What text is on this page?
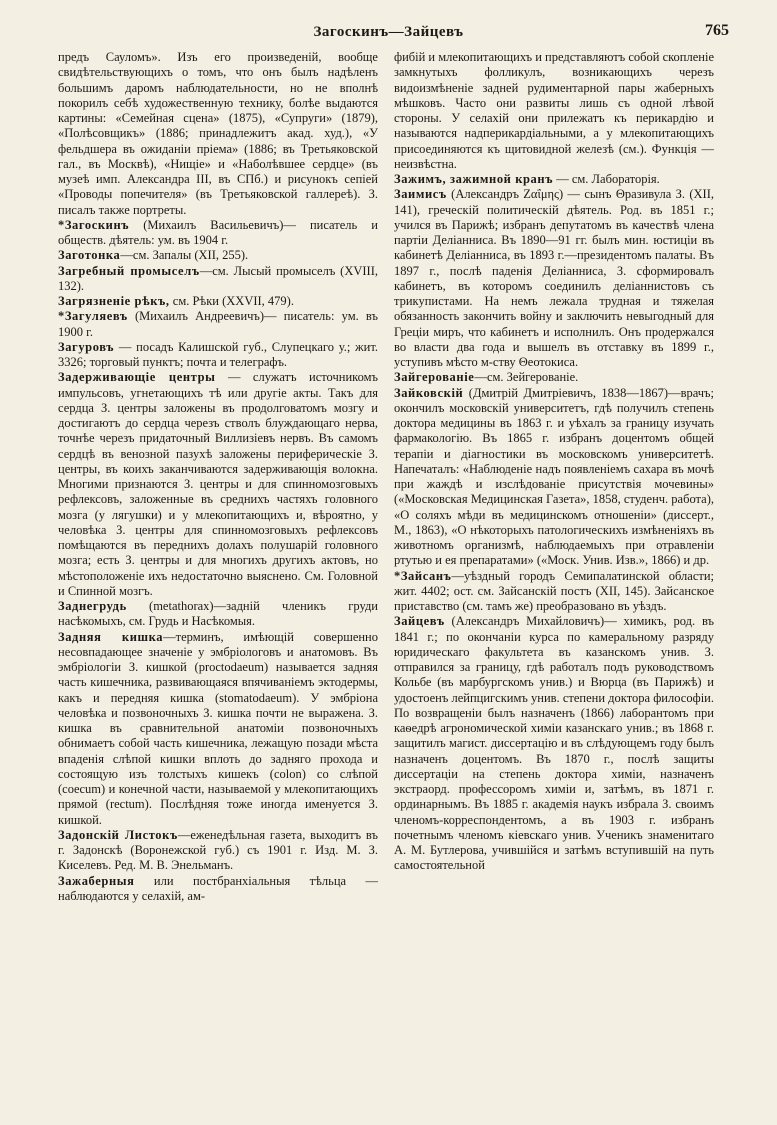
Загоскинъ—Зайцевъ	765

предъ Сауломъ». Изъ его произведеній, вообще свидѣтельствующихъ о томъ, что онъ былъ надѣленъ большимъ даромъ наблюдательности, но не вполнѣ покорилъ себѣ художественную технику, болѣе выдаются картины: «Семейная сцена» (1875), «Супруги» (1879), «Полѣсовщикъ» (1886; принадлежитъ акад. худ.), «У фельдшера въ ожиданіи пріема» (1886; въ Третьяковской гал., въ Москвѣ), «Нищіе» и «Наболѣвшее сердце» (въ музеѣ имп. Александра III, въ СПб.) и рисунокъ сепіей «Проводы попечителя» (въ Третьяковской галлереѣ). З. писалъ также портреты.

*Загоскинъ (Михаилъ Васильевичъ)— писатель и обществ. дѣятель: ум. въ 1904 г.

Заготонка—см. Запалы (XII, 255).

Загребный промыселъ—см. Лысый промыселъ (XVIII, 132).

Загрязненіе рѣкъ, см. Рѣки (XXVII, 479).

*Загуляевъ (Михаилъ Андреевичъ)— писатель: ум. въ 1900 г.

Загуровъ — посадъ Калишской губ., Слупецкаго у.; жит. 3326; торговый пунктъ; почта и телеграфъ.

Задерживающіе центры — служатъ источникомъ импульсовъ, угнетающихъ тѣ или другіе акты. Такъ для сердца З. центры заложены въ продолговатомъ мозгу и достигаютъ до сердца черезъ стволъ блуждающаго нерва, точнѣе черезъ придаточный Виллизіевъ нервъ. Въ самомъ сердцѣ въ венозной пазухѣ заложены периферическіе З. центры, въ коихъ заканчиваются задерживающія волокна. Многими признаются З. центры и для спинномозговыхъ рефлексовъ, заложенные въ среднихъ частяхъ головного мозга (у лягушки) и у млекопитающихъ и, вѣроятно, у человѣка З. центры для спинномозговыхъ рефлексовъ помѣщаются въ переднихъ долахъ полушарій головного мозга; есть З. центры и для многихъ другихъ актовъ, но мѣстоположеніе ихъ недостаточно выяснено. См. Головной и Спинной мозгъ.

Заднегрудь (metathorax)—задній членикъ груди насѣкомыхъ, см. Грудь и Насѣкомыя.

Задняя кишка—терминъ, имѣющій совершенно несовпадающее значеніе у эмбріологовъ и анатомовъ. Въ эмбріологіи З. кишкой (proctodaeum) называется задняя часть кишечника, развивающаяся впячиваніемъ эктодермы, какъ и передняя кишка (stomatodaeum). У эмбріона человѣка и позвоночныхъ З. кишка почти не выражена. З. кишка въ сравнительной анатоміи позвоночныхъ обнимаетъ собой часть кишечника, лежащую позади мѣста впаденія слѣпой кишки вплоть до задняго прохода и состоящую изъ толстыхъ кишекъ (colon) со слѣпой (coecum) и конечной части, называемой у млекопитающихъ прямой (rectum). Послѣдняя тоже иногда именуется З. кишкой.

Задонскій Листокъ—еженедѣльная газета, выходитъ въ г. Задонскѣ (Воронежской губ.) съ 1901 г. Изд. М. З. Киселевъ. Ред. М. В. Энельманъ.

Зажаберныя или постбранхіальныя тѣльца — наблюдаются у селахій, ам-

фибій и млекопитающихъ и представляютъ собой скопленіе замкнутыхъ фолликулъ, возникающихъ черезъ видоизмѣненіе задней рудиментарной пары жаберныхъ мѣшковъ. Часто они развиты лишь съ одной лѣвой стороны. У селахій они прилежатъ къ перикардію и называются надперикардіальными, а у млекопитающихъ присоединяются къ щитовидной железѣ (см.). Функція —неизвѣстна.

Зажимъ, зажимной кранъ — см. Лабораторія.

Заимисъ (Александръ Ζαΐμης) — сынъ Θразивула З. (XII, 141), греческій политическій дѣятель. Род. въ 1851 г.; учился въ Парижѣ; избранъ депутатомъ въ качествѣ члена партіи Деліанниса. Въ 1890—91 гг. былъ мин. юстиціи въ кабинетѣ Деліанниса, въ 1893 г.—президентомъ палаты. Въ 1897 г., послѣ паденія Деліанниса, З. сформировалъ кабинетъ, въ которомъ соединилъ деліаннистовъ съ трикупистами. На немъ лежала трудная и тяжелая обязанность закончить войну и заключить невыгодный для Греціи миръ, что кабинетъ и исполнилъ. Онъ продержался во власти два года и вышелъ въ отставку въ 1899 г., уступивъ мѣсто м-ству Θеотокиса.

Зайгерованіе—см. Зейгерованіе.

Зайковскій (Дмитрій Дмитріевичъ, 1838—1867)—врачъ; окончилъ московскій университетъ, гдѣ получилъ степень доктора медицины въ 1863 г. и уѣхалъ за границу изучать фармакологію. Въ 1865 г. избранъ доцентомъ общей терапіи и діагностики въ московскомъ университетѣ. Напечаталъ: «Наблюденіе надъ появленіемъ сахара въ мочѣ при жаждѣ и изслѣдованіе присутствія мочевины» («Московская Медицинская Газета», 1858, студенч. работа), «О соляхъ мѣди въ медицинскомъ отношеніи» (диссерт., М., 1863), «О нѣкоторыхъ патологическихъ измѣненіяхъ въ животномъ организмѣ, наблюдаемыхъ при отравленіи ртутью и ея препаратами» («Моск. Унив. Изв.», 1866) и др.

*Зайсанъ—уѣздный городъ Семипалатинской области; жит. 4402; ост. см. Зайсанскій постъ (XII, 145). Зайсанское приставство (см. тамъ же) преобразовано въ уѣздъ.

Зайцевъ (Александръ Михайловичъ)— химикъ, род. въ 1841 г.; по окончаніи курса по камеральному разряду юридическаго факультета въ казанскомъ унив. З. отправился за границу, гдѣ работалъ подъ руководствомъ Кольбе (въ марбургскомъ унив.) и Вюрца (въ Парижѣ) и удостоенъ лейпцигскимъ унив. степени доктора философіи. По возвращеніи былъ назначенъ (1866) лаборантомъ при каѳедрѣ агрономической химіи казанскаго унив.; въ 1868 г. защитилъ магист. диссертацію и въ слѣдующемъ году былъ назначенъ доцентомъ. Въ 1870 г., послѣ защиты диссертаціи на степень доктора химіи, назначенъ экстраорд. профессоромъ химіи и, затѣмъ, въ 1871 г. ординарнымъ. Въ 1885 г. академія наукъ избрала З. своимъ членомъ-корреспондентомъ, а въ 1903 г. избранъ почетнымъ членомъ кіевскаго унив. Ученикъ знаменитаго А. М. Бутлерова, учившійся и затѣмъ вступившій на путь самостоятельной
